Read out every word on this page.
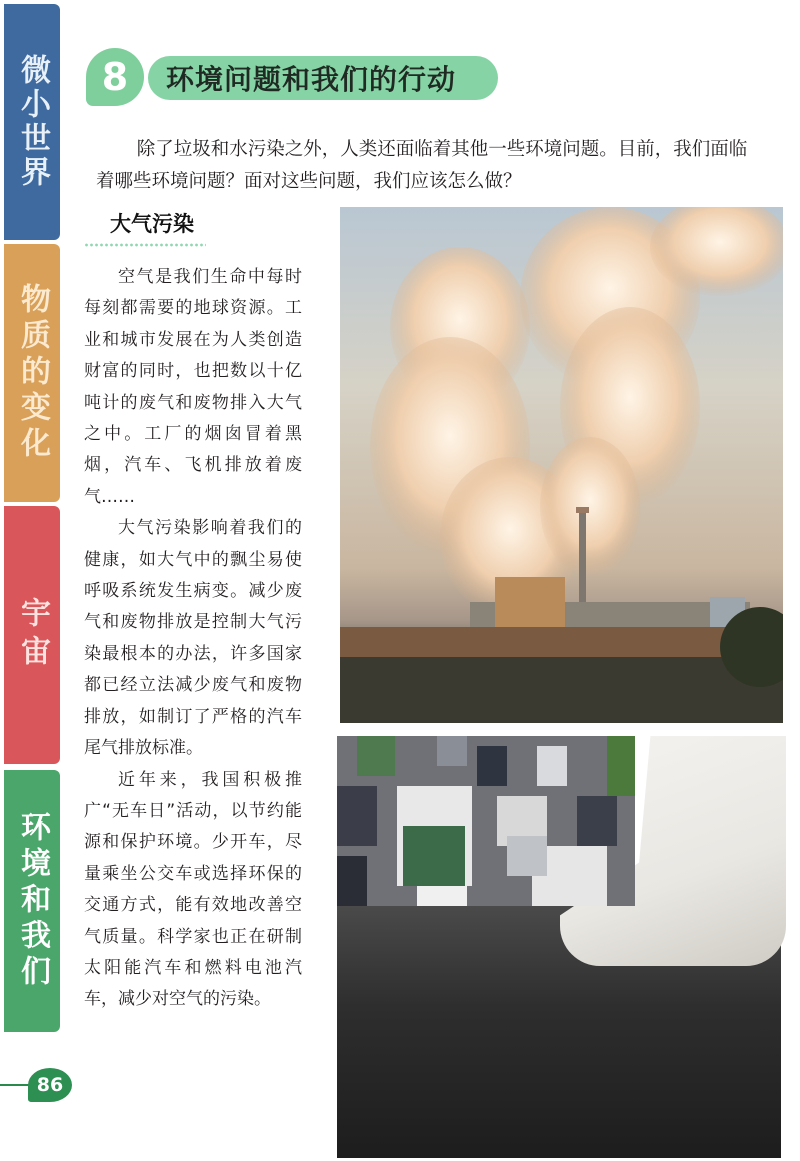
微小世界
物质的变化
宇宙
环境和我们
8	环境问题和我们的行动

除了垃圾和水污染之外，人类还面临着其他一些环境问题。目前，我们面临着哪些环境问题？面对这些问题，我们应该怎么做？

大气污染

空气是我们生命中每时每刻都需要的地球资源。工业和城市发展在为人类创造财富的同时，也把数以十亿吨计的废气和废物排入大气之中。工厂的烟囱冒着黑烟，汽车、飞机排放着废气……

大气污染影响着我们的健康，如大气中的飘尘易使呼吸系统发生病变。减少废气和废物排放是控制大气污染最根本的办法，许多国家都已经立法减少废气和废物排放，如制订了严格的汽车尾气排放标准。

近年来，我国积极推广“无车日”活动，以节约能源和保护环境。少开车，尽量乘坐公交车或选择环保的交通方式，能有效地改善空气质量。科学家也正在研制太阳能汽车和燃料电池汽车，减少对空气的污染。

86
